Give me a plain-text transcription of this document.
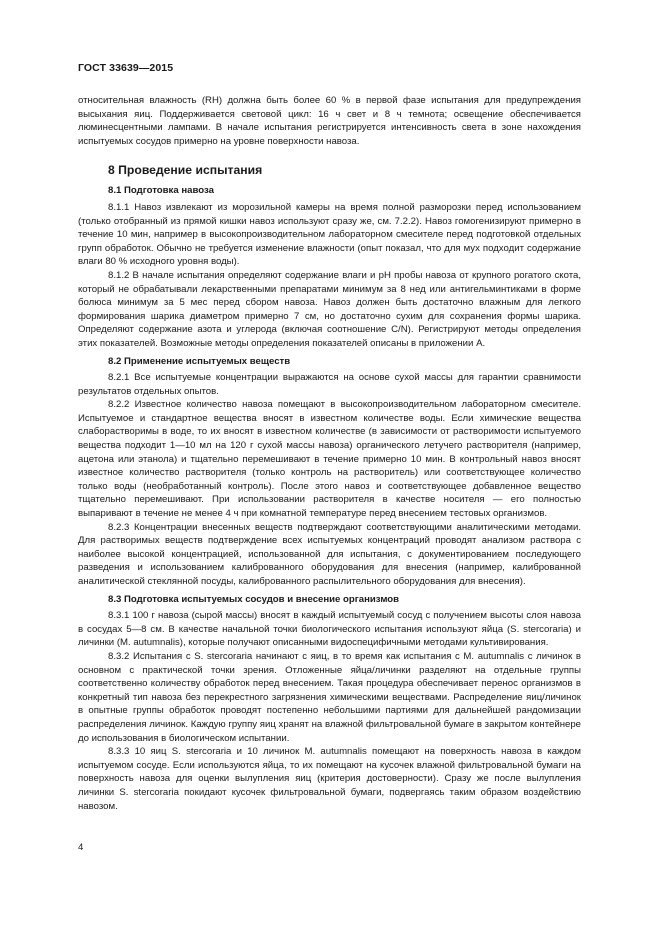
ГОСТ 33639—2015

относительная влажность (RH) должна быть более 60 % в первой фазе испытания для предупреждения высыхания яиц. Поддерживается световой цикл: 16 ч свет и 8 ч темнота; освещение обеспечивается люминесцентными лампами. В начале испытания регистрируется интенсивность света в зоне нахождения испытуемых сосудов примерно на уровне поверхности навоза.

8 Проведение испытания

8.1 Подготовка навоза

8.1.1 Навоз извлекают из морозильной камеры на время полной разморозки перед использованием (только отобранный из прямой кишки навоз используют сразу же, см. 7.2.2). Навоз гомогенизируют примерно в течение 10 мин, например в высокопроизводительном лабораторном смесителе перед подготовкой отдельных групп обработок. Обычно не требуется изменение влажности (опыт показал, что для мух подходит содержание влаги 80 % исходного уровня воды).

8.1.2 В начале испытания определяют содержание влаги и pH пробы навоза от крупного рогатого скота, который не обрабатывали лекарственными препаратами минимум за 8 нед или антигельминтиками в форме болюса минимум за 5 мес перед сбором навоза. Навоз должен быть достаточно влажным для легкого формирования шарика диаметром примерно 7 см, но достаточно сухим для сохранения формы шарика. Определяют содержание азота и углерода (включая соотношение C/N). Регистрируют методы определения этих показателей. Возможные методы определения показателей описаны в приложении А.

8.2 Применение испытуемых веществ

8.2.1 Все испытуемые концентрации выражаются на основе сухой массы для гарантии сравнимости результатов отдельных опытов.

8.2.2 Известное количество навоза помещают в высокопроизводительном лабораторном смесителе. Испытуемое и стандартное вещества вносят в известном количестве воды. Если химические вещества слаборастворимы в воде, то их вносят в известном количестве (в зависимости от растворимости испытуемого вещества подходит 1—10 мл на 120 г сухой массы навоза) органического летучего растворителя (например, ацетона или этанола) и тщательно перемешивают в течение примерно 10 мин. В контрольный навоз вносят известное количество растворителя (только контроль на растворитель) или соответствующее количество только воды (необработанный контроль). После этого навоз и соответствующее добавленное вещество тщательно перемешивают. При использовании растворителя в качестве носителя — его полностью выпаривают в течение не менее 4 ч при комнатной температуре перед внесением тестовых организмов.

8.2.3 Концентрации внесенных веществ подтверждают соответствующими аналитическими методами. Для растворимых веществ подтверждение всех испытуемых концентраций проводят анализом раствора с наиболее высокой концентрацией, использованной для испытания, с документированием последующего разведения и использованием калиброванного оборудования для внесения (например, калиброванной аналитической стеклянной посуды, калиброванного распылительного оборудования для внесения).

8.3 Подготовка испытуемых сосудов и внесение организмов

8.3.1 100 г навоза (сырой массы) вносят в каждый испытуемый сосуд с получением высоты слоя навоза в сосудах 5—8 см. В качестве начальной точки биологического испытания используют яйца (S. stercoraria) и личинки (M. autumnalis), которые получают описанными видоспецифичными методами культивирования.

8.3.2 Испытания с S. stercoraria начинают с яиц, в то время как испытания с M. autumnalis с личинок в основном с практической точки зрения. Отложенные яйца/личинки разделяют на отдельные группы соответственно количеству обработок перед внесением. Такая процедура обеспечивает перенос организмов в конкретный тип навоза без перекрестного загрязнения химическими веществами. Распределение яиц/личинок в опытные группы обработок проводят постепенно небольшими партиями для дальнейшей рандомизации распределения личинок. Каждую группу яиц хранят на влажной фильтровальной бумаге в закрытом контейнере до использования в биологическом испытании.

8.3.3 10 яиц S. stercoraria и 10 личинок M. autumnalis помещают на поверхность навоза в каждом испытуемом сосуде. Если используются яйца, то их помещают на кусочек влажной фильтровальной бумаги на поверхность навоза для оценки вылупления яиц (критерия достоверности). Сразу же после вылупления личинки S. stercoraria покидают кусочек фильтровальной бумаги, подвергаясь таким образом воздействию навозом.

4
